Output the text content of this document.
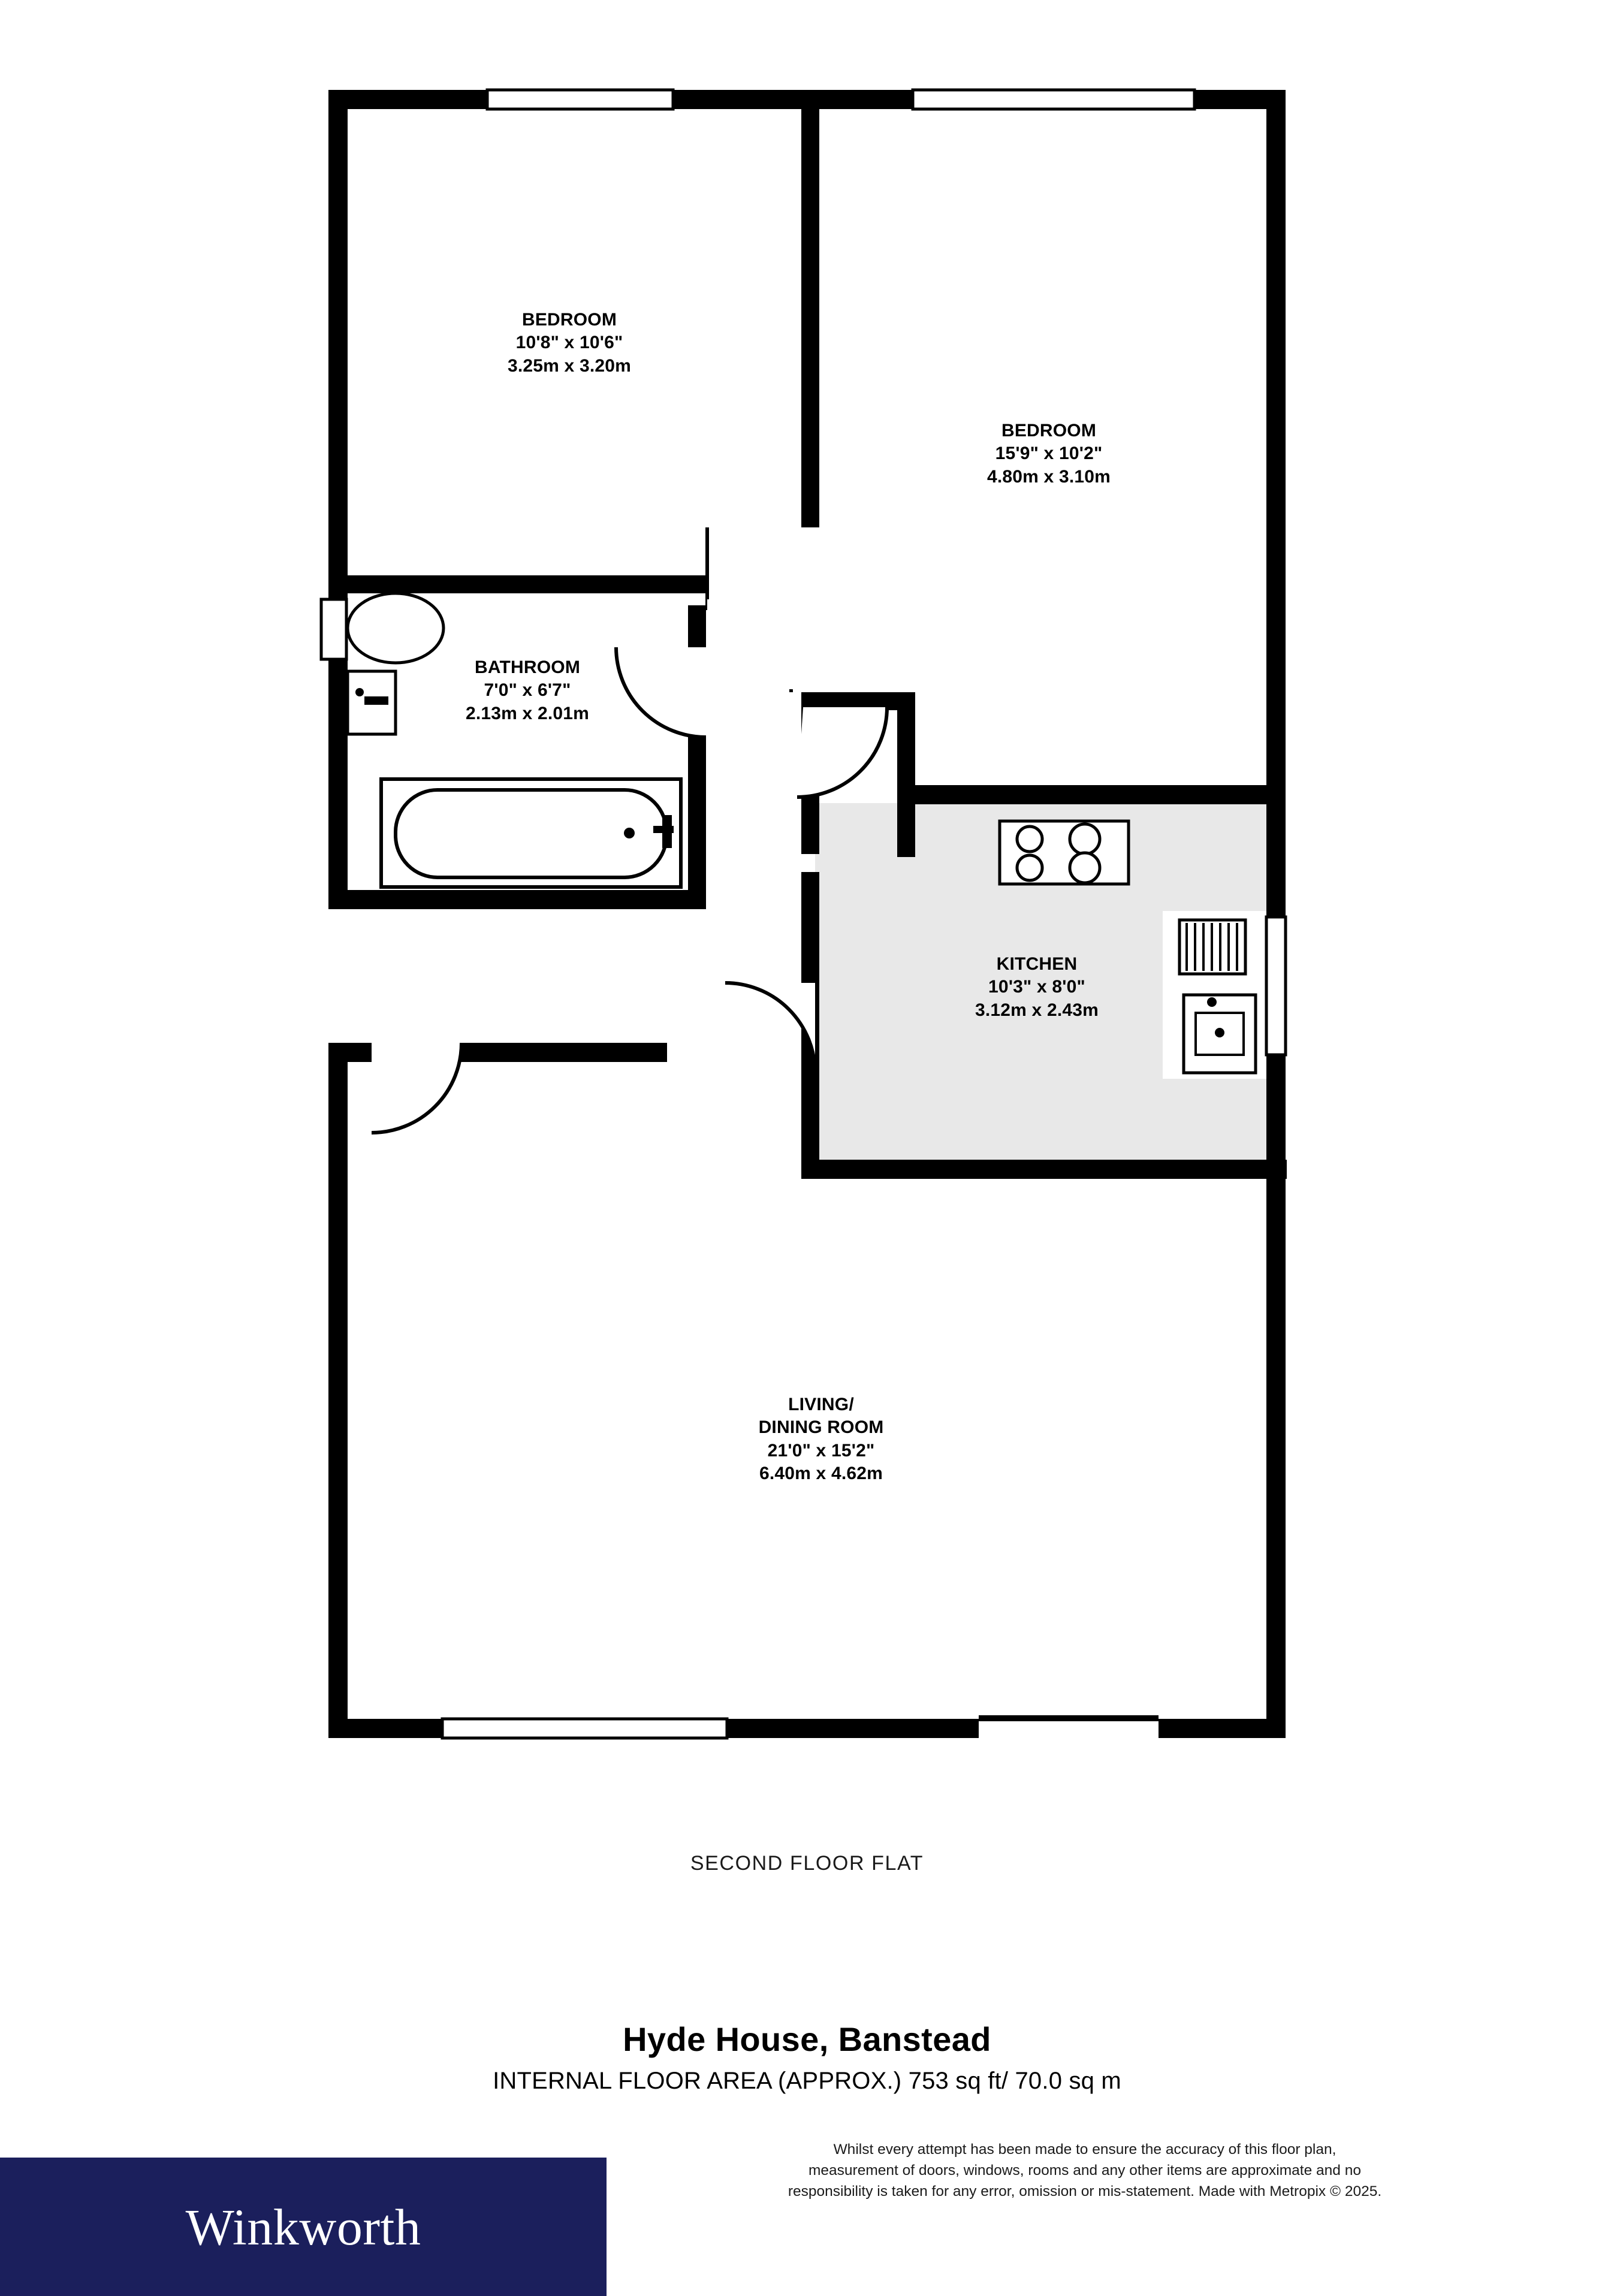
BEDROOM
10'8" x 10'6"
3.25m x 3.20m
BEDROOM
15'9" x 10'2"
4.80m x 3.10m
BATHROOM
7'0" x 6'7"
2.13m x 2.01m
KITCHEN
10'3" x 8'0"
3.12m x 2.43m
LIVING/
DINING ROOM
21'0" x 15'2"
6.40m x 4.62m
SECOND FLOOR FLAT
Hyde House, Banstead
INTERNAL FLOOR AREA (APPROX.) 753 sq ft/ 70.0 sq m
Whilst every attempt has been made to ensure the accuracy of this floor plan,
measurement of doors, windows, rooms and any other items are approximate and no
responsibility is taken for any error, omission or mis-statement. Made with Metropix © 2025.
Winkworth
